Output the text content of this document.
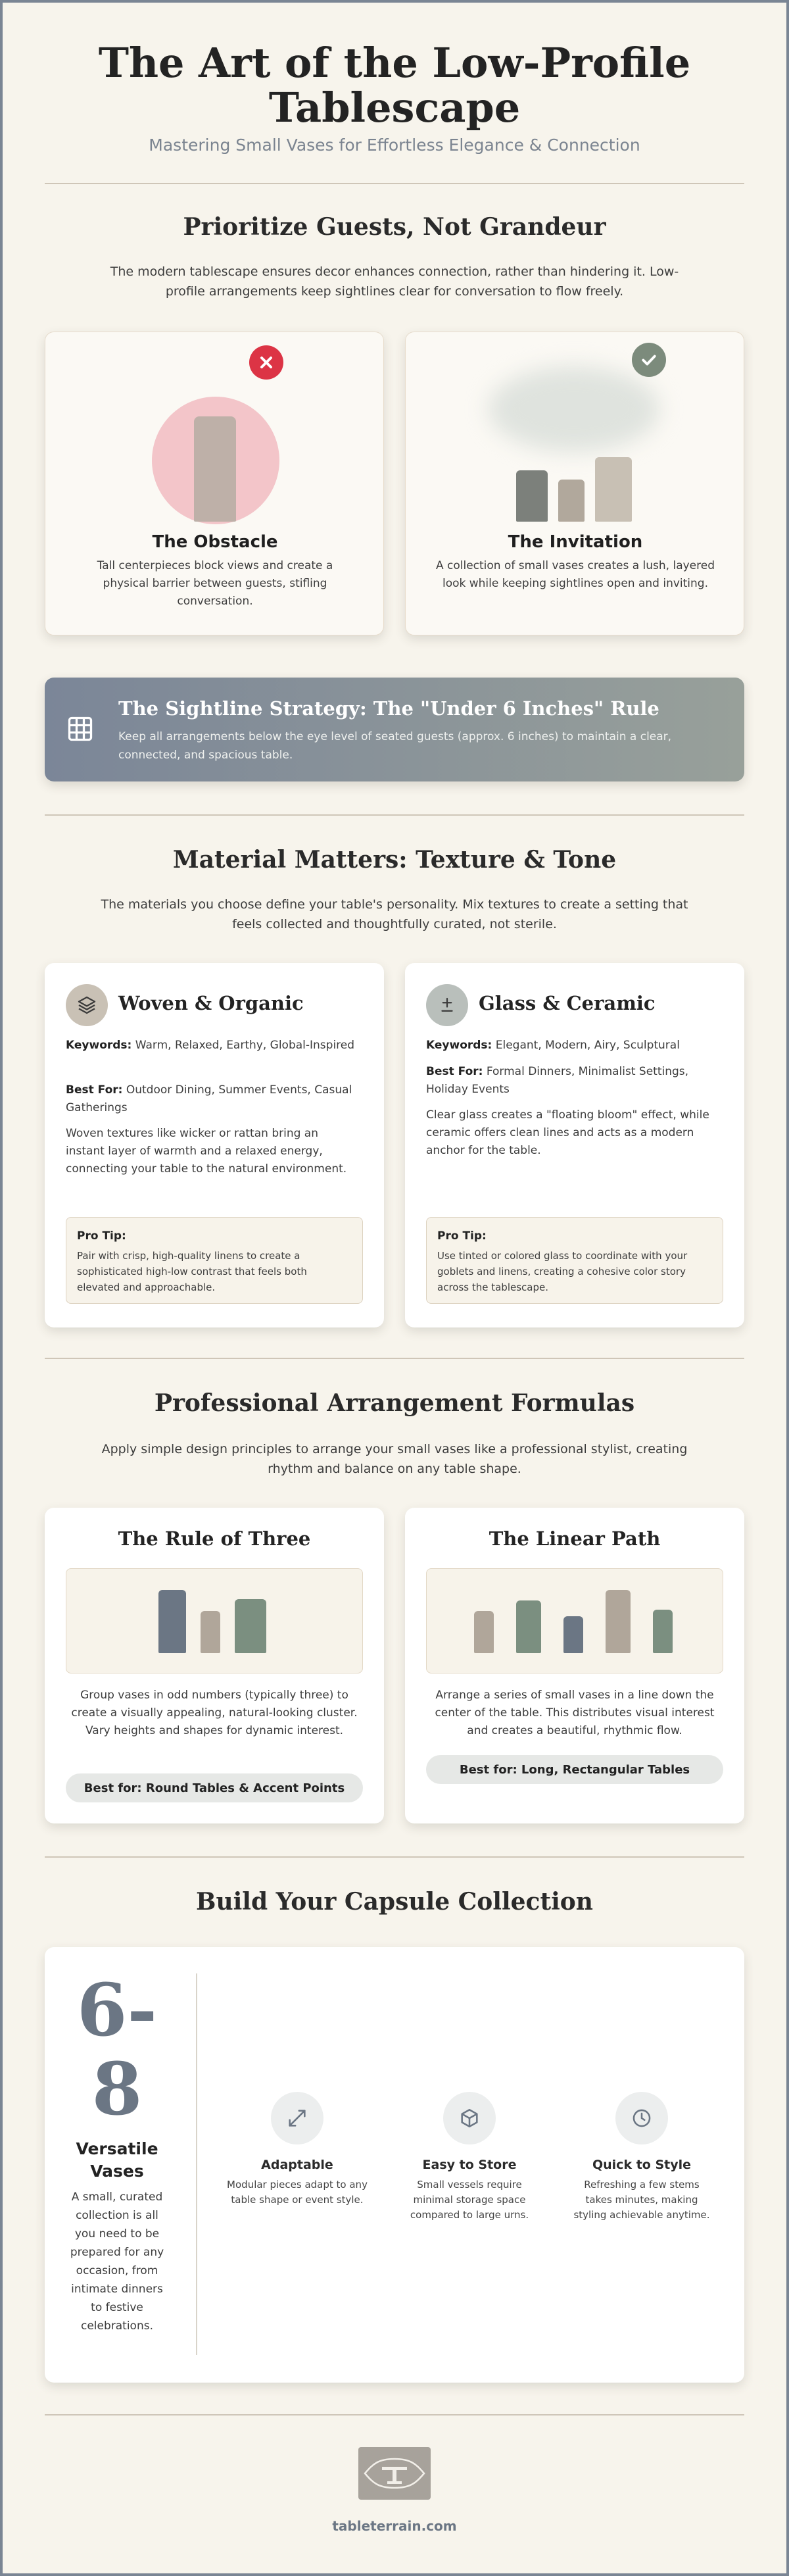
The Art of the Low-Profile Tablescape
Mastering Small Vases for Effortless Elegance & Connection
Prioritize Guests, Not Grandeur
The modern tablescape ensures decor enhances connection, rather than hindering it. Low-profile arrangements keep sightlines clear for conversation to flow freely.
The Obstacle

Tall centerpieces block views and create a physical barrier between guests, stifling conversation.

The Invitation

A collection of small vases creates a lush, layered look while keeping sightlines open and inviting.

The Sightline Strategy: The "Under 6 Inches" Rule
Keep all arrangements below the eye level of seated guests (approx. 6 inches) to maintain a clear, connected, and spacious table.
Material Matters: Texture & Tone
The materials you choose define your table's personality. Mix textures to create a setting that feels collected and thoughtfully curated, not sterile.
Woven & Organic
Keywords: Warm, Relaxed, Earthy, Global-Inspired
Best For: Outdoor Dining, Summer Events, Casual Gatherings

Woven textures like wicker or rattan bring an instant layer of warmth and a relaxed energy, connecting your table to the natural environment.

Pro Tip:
Pair with crisp, high-quality linens to create a sophisticated high-low contrast that feels both elevated and approachable.
Glass & Ceramic
Keywords: Elegant, Modern, Airy, Sculptural
Best For: Formal Dinners, Minimalist Settings, Holiday Events

Clear glass creates a "floating bloom" effect, while ceramic offers clean lines and acts as a modern anchor for the table.

Pro Tip:
Use tinted or colored glass to coordinate with your goblets and linens, creating a cohesive color story across the tablescape.
Professional Arrangement Formulas
Apply simple design principles to arrange your small vases like a professional stylist, creating rhythm and balance on any table shape.
The Rule of Three

Group vases in odd numbers (typically three) to create a visually appealing, natural-looking cluster. Vary heights and shapes for dynamic interest.

Best for: Round Tables & Accent Points
The Linear Path

Arrange a series of small vases in a line down the center of the table. This distributes visual interest and creates a beautiful, rhythmic flow.

Best for: Long, Rectangular Tables
Build Your Capsule Collection
6-
8
Versatile Vases
A small, curated collection is all you need to be prepared for any occasion, from intimate dinners to festive celebrations.
Adaptable
Modular pieces adapt to any table shape or event style.
Easy to Store
Small vessels require minimal storage space compared to large urns.
Quick to Style
Refreshing a few stems takes minutes, making styling achievable anytime.
tableterrain.com
